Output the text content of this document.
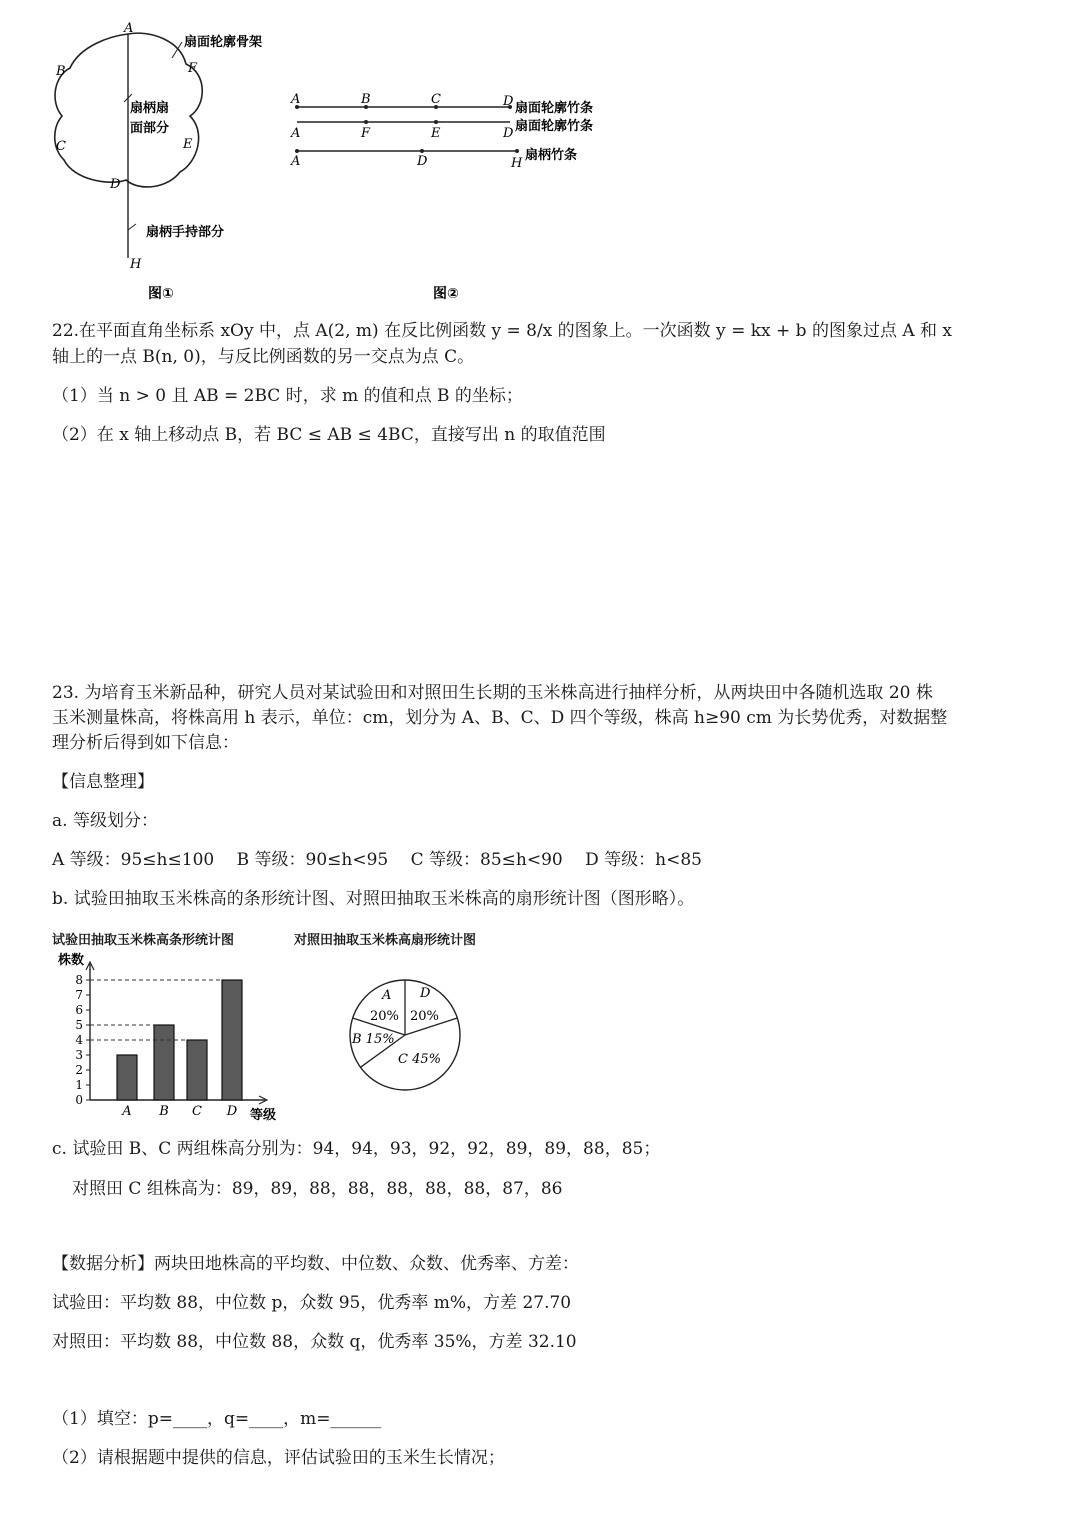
A
B
C
D
E
F
H
扇面轮廓骨架
扇柄扇
面部分
扇柄手持部分
图①
A	B	C	D 扇面轮廓竹条
A	F	E	D 扇面轮廓竹条
A	D	H
扇柄竹条
图②
22.在平面直角坐标系 xOy 中，点 A(2, m) 在反比例函数 y = 8/x 的图象上。一次函数 y = kx + b 的图象过点 A 和 x
轴上的一点 B(n, 0)，与反比例函数的另一交点为点 C。
（1）当 n > 0 且 AB = 2BC 时，求 m 的值和点 B 的坐标；
（2）在 x 轴上移动点 B，若 BC ≤ AB ≤ 4BC，直接写出 n 的取值范围
23. 为培育玉米新品种，研究人员对某试验田和对照田生长期的玉米株高进行抽样分析，从两块田中各随机选取 20 株
玉米测量株高，将株高用 h 表示，单位：cm，划分为 A、B、C、D 四个等级，株高 h≥90 cm 为长势优秀，对数据整
理分析后得到如下信息：
【信息整理】
a. 等级划分：
A 等级：95≤h≤100　 B 等级：90≤h<95　 C 等级：85≤h<90　 D 等级：h<85
b. 试验田抽取玉米株高的条形统计图、对照田抽取玉米株高的扇形统计图（图形略）。
试验田抽取玉米株高条形统计图	对照田抽取玉米株高扇形统计图
0
1
2
3
4
5
6
7
8
株数
A B C D 等级
A
20%
D
20%
B 15%
C 45%
c. 试验田 B、C 两组株高分别为：94，94，93，92，92，89，89，88，85；
对照田 C 组株高为：89，89，88，88，88，88，88，87，86
【数据分析】两块田地株高的平均数、中位数、众数、优秀率、方差：
试验田：平均数 88，中位数 p，众数 95，优秀率 m%，方差 27.70
对照田：平均数 88，中位数 88，众数 q，优秀率 35%，方差 32.10
（1）填空：p=____，q=____，m=______
（2）请根据题中提供的信息，评估试验田的玉米生长情况；
